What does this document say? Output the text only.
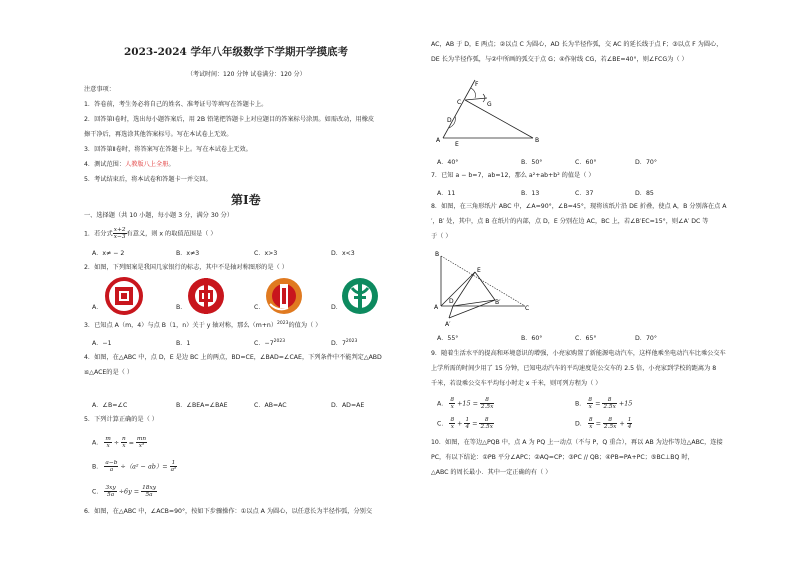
2023-2024 学年八年级数学下学期开学摸底考
（考试时间：120 分钟 试卷满分：120 分）
注意事项：
1．答卷前，考生务必将自己的姓名、准考证号等填写在答题卡上。
2．回答第Ⅰ卷时，选出每小题答案后，用 2B 铅笔把答题卡上对应题目的答案标号涂黑。如需改动，用橡皮
擦干净后，再选涂其他答案标号。写在本试卷上无效。
3．回答第Ⅱ卷时，将答案写在答题卡上。写在本试卷上无效。
4．测试范围：人教版八上全册。
5．考试结束后，将本试卷和答题卡一并交回。
第Ⅰ卷
一、选择题（共 10 小题，每小题 3 分，满分 30 分）
1．若分式 $\frac{x+2}{x-3}$ 有意义，则 x 的取值范围是（ ）
A．x≠ − 2	B．x≠3	C．x>3	D．x<3
2．如图，下列图案是我国几家银行的标志，其中不是轴对称图形的是（ ）
A．	B．	C．	D．
3．已知点 A（m，4）与点 B（1，n）关于 y 轴对称，那么$(m+n)^{2023}$的值为（ ）
A．−1	B．1	C．$-7^{2023}$	D．$7^{2023}$
4．如图，在△ABC 中，点 D，E 是边 BC 上的两点，BD=CE，∠BAD=∠CAE，下列条件中不能判定△ABD
≌△ACE的是（ ）
A．∠B=∠C	B．∠BEA=∠BAE	C．AB=AC	D．AD=AE
5．下列计算正确的是（ ）
A． $\frac{m}{x} \div \frac{n}{x} = \frac{mn}{\text{x²}}$
B． $\frac{a-b}{a} \div(a^2 - ab)= \frac{1}{\text{a²}}$
C． $\frac{3xy}{5a} \div 6y = \frac{18xy}{5a}$
6．如图，在△ABC 中，∠ACB=90°，按如下步骤操作：①以点 A 为圆心，以任意长为半径作弧，分别交
AC，AB 于 D，E 两点；②以点 C 为圆心，AD 长为半径作弧，交 AC 的延长线于点 F；③以点 F 为圆心，
DE 长为半径作弧，与②中所画的弧交于点 G；④作射线 CG，若∠BE=40°，则∠FCG为（ ）
F
C	G
D
A
E
B
A．40°	B．50°	C．60°	D．70°
7．已知 a − b=7，ab=12，那么 a²+ab+b² 的值是（ ）
A．11	B．13	C．37	D．85
8．如图，在三角形纸片 ABC 中，∠A=90°，∠B=45°，现将该纸片沿 DE 折叠，使点 A，B 分别落在点 A
′，B′ 处，其中，点 B 在纸片的内部，点 D，E 分别在边 AC，BC 上，若∠B′EC=15°，则∠A′ DC 等
于（ ）
B
E
A
D	B′
C
A′
A．55°	B．60°	C．65°	D．70°
9．随着生活水平的提高和环境意识的增强，小亮家购置了新能源电动汽车，这样他乘坐电动汽车比乘公交车
上学所需的时间少用了 15 分钟，已知电动汽车的平均速度是公交车的 2.5 倍，小亮家到学校的距离为 8
千米，若设乘公交车平均每小时走 x 千米，则可列方程为（ ）
A． $\frac{8}{x} +15 = \frac{8}{2.5x}$	B． $\frac{8}{x} = \frac{8}{2.5x} +15$
C． $\frac{8}{x} + \frac{1}{4} = \frac{8}{2.5x}$	D． $\frac{8}{x} = \frac{8}{2.5x} + \frac{1}{4}$
10．如图，在等边△PQB 中，点 A 为 PQ 上一动点（不与 P，Q 重合），再以 AB 为边作等边△ABC，连接
PC，有以下结论：①PB 平分∠APC；②AQ=CP；③PC // QB；④PB=PA+PC；⑤BC⊥BQ 时，
△ABC 的周长最小．其中一定正确的有（ ）
